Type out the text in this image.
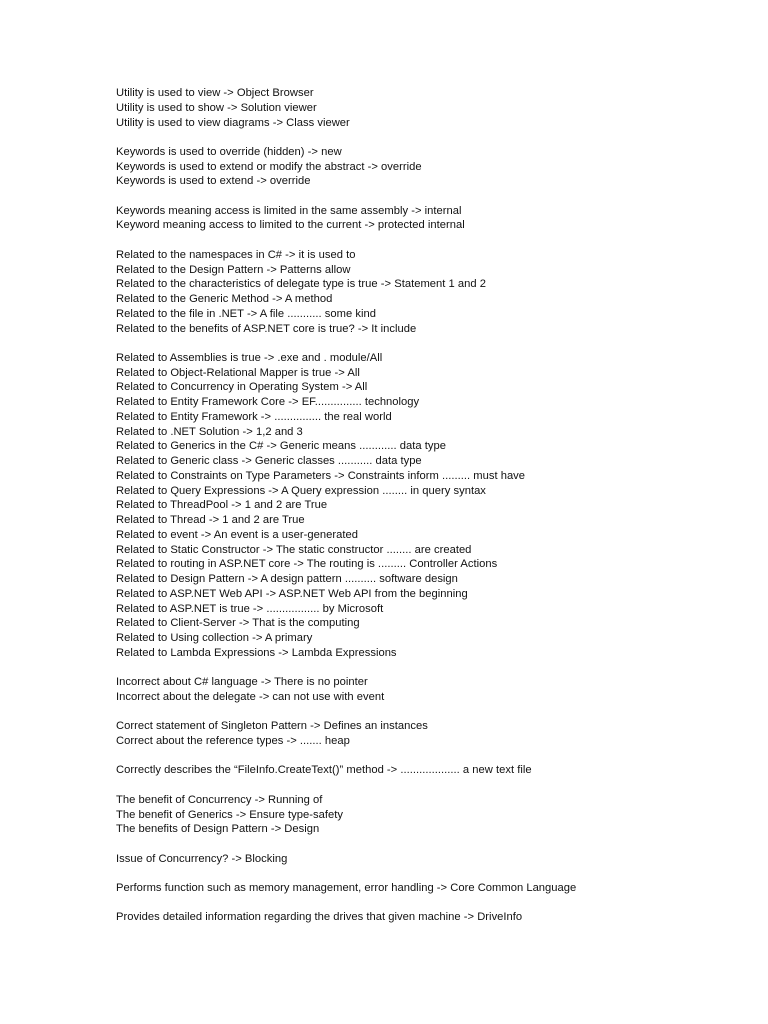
Utility is used to view -> Object Browser
Utility is used to show -> Solution viewer
Utility is used to view diagrams -> Class viewer
Keywords is used to override (hidden) -> new
Keywords is used to extend or modify the abstract -> override
Keywords is used to extend -> override
Keywords meaning access is limited in the same assembly -> internal
Keyword meaning access to limited to the current -> protected internal
Related to the namespaces in C# -> it is used to
Related to the Design Pattern -> Patterns allow
Related to the characteristics of delegate type is true -> Statement 1 and 2
Related to the Generic Method -> A method
Related to the file in .NET -> A file ........... some kind
Related to the benefits of ASP.NET core is true? -> It include
Related to Assemblies is true -> .exe and . module/All
Related to Object-Relational Mapper is true -> All
Related to Concurrency in Operating System -> All
Related to Entity Framework Core -> EF............... technology
Related to Entity Framework -> ............... the real world
Related to .NET Solution -> 1,2 and 3
Related to Generics in the C# -> Generic means ............ data type
Related to Generic class -> Generic classes ........... data type
Related to Constraints on Type Parameters -> Constraints inform ......... must have
Related to Query Expressions -> A Query expression ........ in query syntax
Related to ThreadPool -> 1 and 2 are True
Related to Thread -> 1 and 2 are True
Related to event -> An event is a user-generated
Related to Static Constructor -> The static constructor ........ are created
Related to routing in ASP.NET core -> The routing is ......... Controller Actions
Related to Design Pattern -> A design pattern .......... software design
Related to ASP.NET Web API -> ASP.NET Web API from the beginning
Related to ASP.NET is true -> ................. by Microsoft
Related to Client-Server -> That is the computing
Related to Using collection -> A primary
Related to Lambda Expressions -> Lambda Expressions
Incorrect about C# language -> There is no pointer
Incorrect about the delegate -> can not use with event
Correct statement of Singleton Pattern -> Defines an instances
Correct about the reference types -> ....... heap
Correctly describes the “FileInfo.CreateText()” method -> ................... a new text file
The benefit of Concurrency -> Running of
The benefit of Generics -> Ensure type-safety
The benefits of Design Pattern -> Design
Issue of Concurrency? -> Blocking
Performs function such as memory management, error handling -> Core Common Language
Provides detailed information regarding the drives that given machine -> DriveInfo
